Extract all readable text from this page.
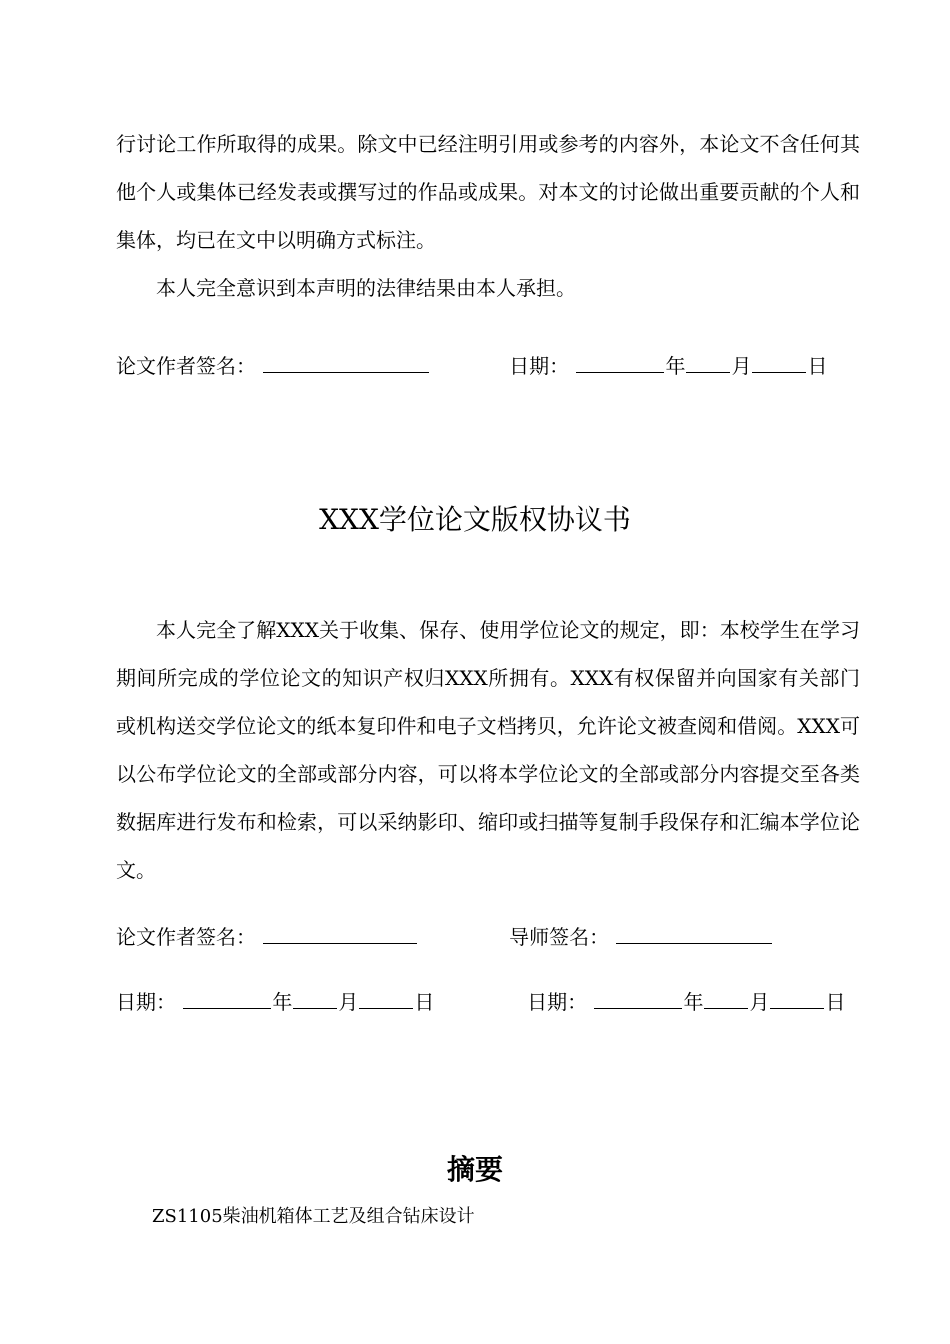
行讨论工作所取得的成果。除文中已经注明引用或参考的内容外，本论文不含任何其他个人或集体已经发表或撰写过的作品或成果。对本文的讨论做出重要贡献的个人和集体，均已在文中以明确方式标注。

本人完全意识到本声明的法律结果由本人承担。

论文作者签名：	日期：	年 月	日
XXX学位论文版权协议书

本人完全了解XXX关于收集、保存、使用学位论文的规定，即：本校学生在学习期间所完成的学位论文的知识产权归XXX所拥有。XXX有权保留并向国家有关部门或机构送交学位论文的纸本复印件和电子文档拷贝，允许论文被查阅和借阅。XXX可以公布学位论文的全部或部分内容，可以将本学位论文的全部或部分内容提交至各类数据库进行发布和检索，可以采纳影印、缩印或扫描等复制手段保存和汇编本学位论文。

论文作者签名：	导师签名：
日期：	年 月	日	日期：	年 月	日
摘要
ZS1105柴油机箱体工艺及组合钻床设计
